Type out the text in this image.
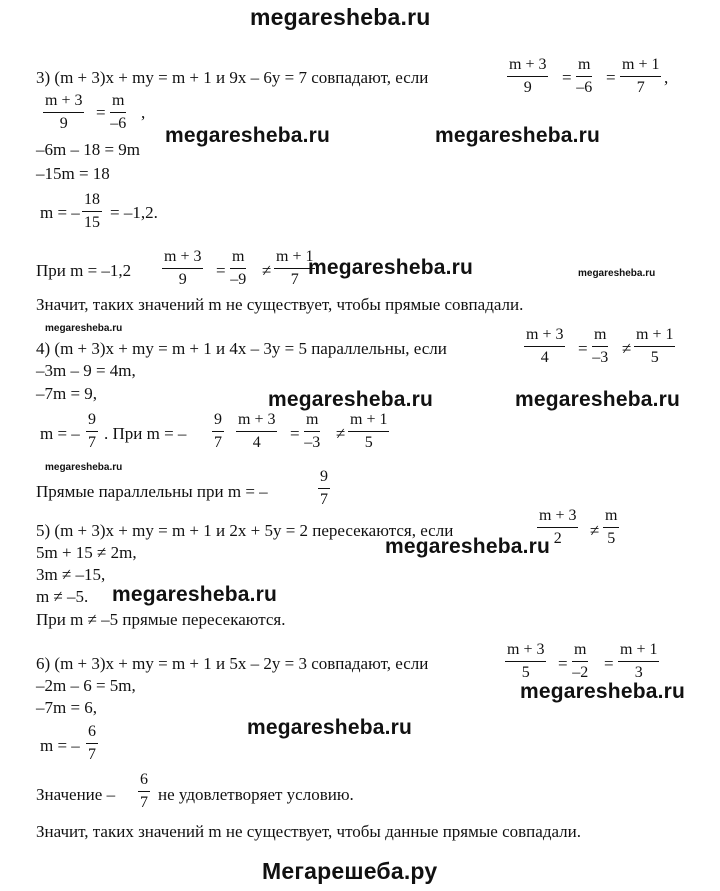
megaresheba.ru
Мегарешеба.ру
megaresheba.ru	megaresheba.ru
megaresheba.ru	megaresheba.ru
megaresheba.ru
megaresheba.ru	megaresheba.ru
megaresheba.ru
megaresheba.ru
megaresheba.ru
megaresheba.ru
megaresheba.ru
3) (m + 3)x + my = m + 1 и 9x – 6y = 7 совпадают, если
m + 3
9
=
m
–6
=
m + 1
7
,
m + 3
9
=
m
–6
,
–6m – 18 = 9m
–15m = 18
m = –
18
15
= –1,2.
При m = –1,2
m + 3
9 =
m
–9 ≠
m + 1
7
Значит, таких значений m не существует, чтобы прямые совпадали.
4) (m + 3)x + my = m + 1 и 4x – 3y = 5 параллельны, если
m + 3
4 =
m
–3 ≠
m + 1
5
–3m – 9 = 4m,
–7m = 9,
m = –
9
7 . При m = –
9
7
m + 3
4 =
m
–3 ≠
m + 1
5
Прямые параллельны при m = –
9
7
5) (m + 3)x + my = m + 1 и 2x + 5y = 2 пересекаются, если
m + 3
2 ≠
m
5
5m + 15 ≠ 2m,
3m ≠ –15,
m ≠ –5.
При m ≠ –5 прямые пересекаются.
6) (m + 3)x + my = m + 1 и 5x – 2y = 3 совпадают, если
m + 3
5 =
m
–2 =
m + 1
3
–2m – 6 = 5m,
–7m = 6,
m = –
6
7
Значение –
6
7 не удовлетворяет условию.
Значит, таких значений m не существует, чтобы данные прямые совпадали.
